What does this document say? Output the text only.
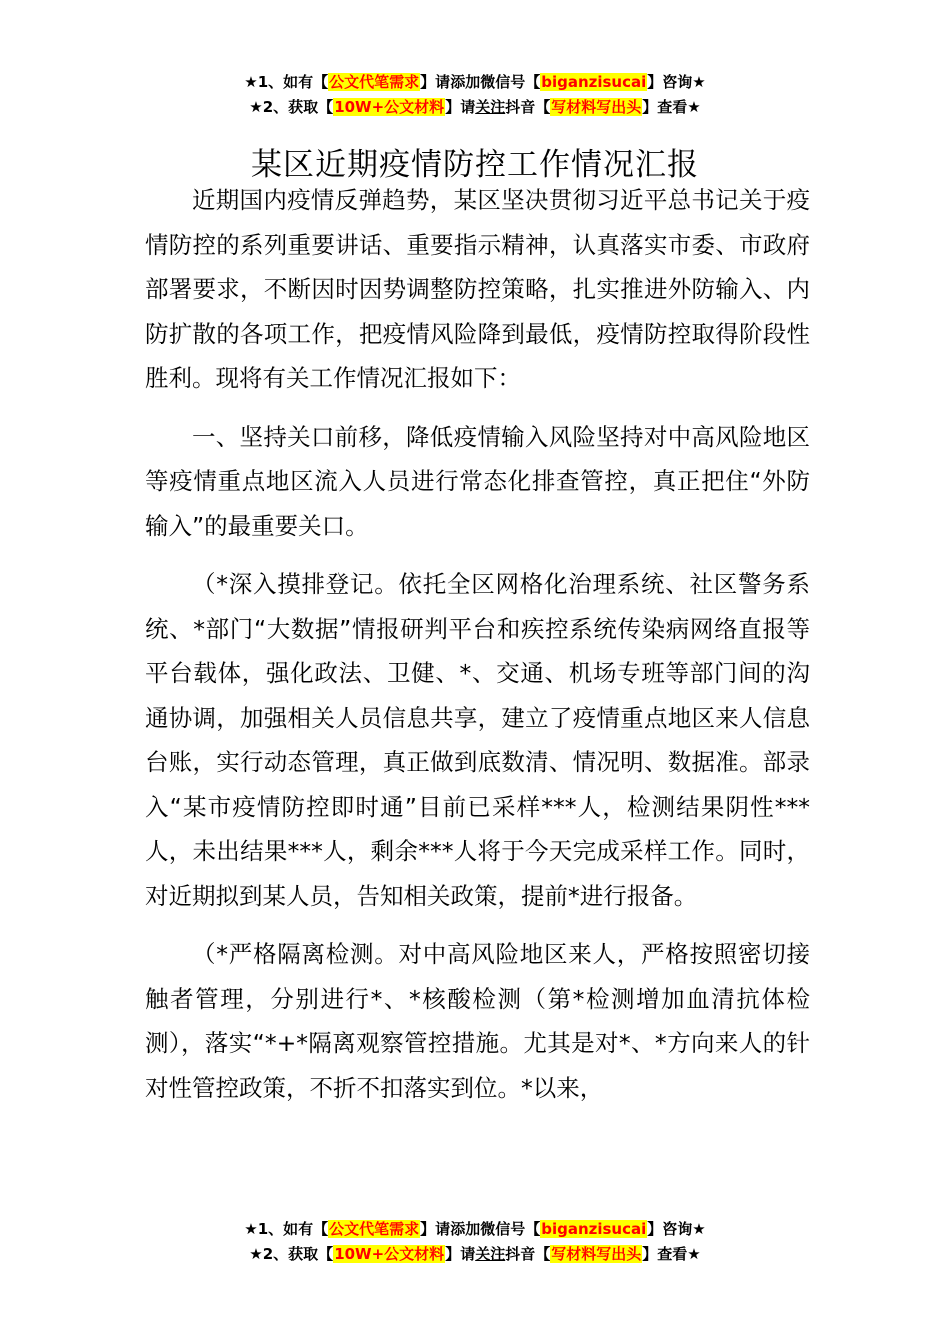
★1、如有【公文代笔需求】请添加微信号【biganzisucai】咨询★
★2、获取【10W+公文材料】请关注抖音【写材料写出头】查看★
某区近期疫情防控工作情况汇报

近期国内疫情反弹趋势，某区坚决贯彻习近平总书记关于疫情防控的系列重要讲话、重要指示精神，认真落实市委、市政府部署要求，不断因时因势调整防控策略，扎实推进外防输入、内防扩散的各项工作，把疫情风险降到最低，疫情防控取得阶段性胜利。现将有关工作情况汇报如下：

一、坚持关口前移，降低疫情输入风险坚持对中高风险地区等疫情重点地区流入人员进行常态化排查管控，真正把住“外防输入”的最重要关口。

（*深入摸排登记。依托全区网格化治理系统、社区警务系统、*部门“大数据”情报研判平台和疾控系统传染病网络直报等平台载体，强化政法、卫健、*、交通、机场专班等部门间的沟通协调，加强相关人员信息共享，建立了疫情重点地区来人信息台账，实行动态管理，真正做到底数清、情况明、数据准。部录入“某市疫情防控即时通”目前已采样***人，检测结果阴性***人，未出结果***人，剩余***人将于今天完成采样工作。同时，对近期拟到某人员，告知相关政策，提前*进行报备。

（*严格隔离检测。对中高风险地区来人，严格按照密切接触者管理，分别进行*、*核酸检测（第*检测增加血清抗体检测），落实“*+*隔离观察管控措施。尤其是对*、*方向来人的针对性管控政策，不折不扣落实到位。*以来，

★1、如有【公文代笔需求】请添加微信号【biganzisucai】咨询★
★2、获取【10W+公文材料】请关注抖音【写材料写出头】查看★
